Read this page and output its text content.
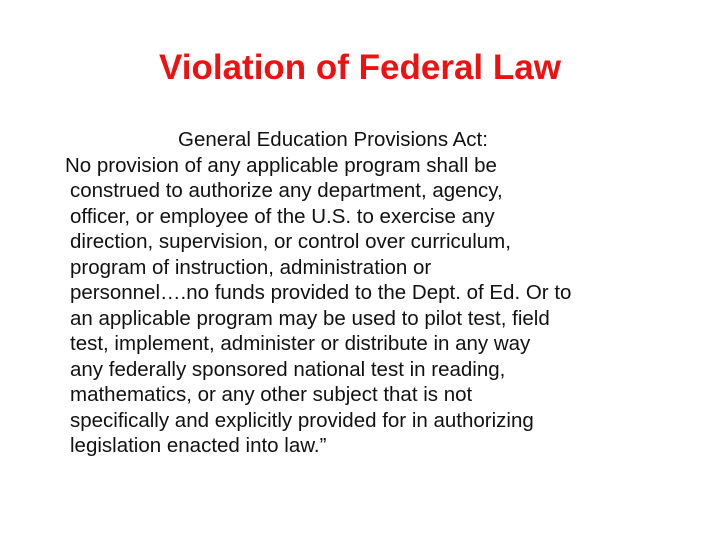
Violation of Federal Law
General Education Provisions Act:
No provision of any applicable program shall be
construed to authorize any department, agency,
officer, or employee of the U.S. to exercise any
direction, supervision, or control over curriculum,
program of instruction, administration or
personnel….no funds provided to the Dept. of Ed. Or to
an applicable program may be used to pilot test, field
test, implement, administer or distribute in any way
any federally sponsored national test in reading,
mathematics, or any other subject that is not
specifically and explicitly provided for in authorizing
legislation enacted into law.”
